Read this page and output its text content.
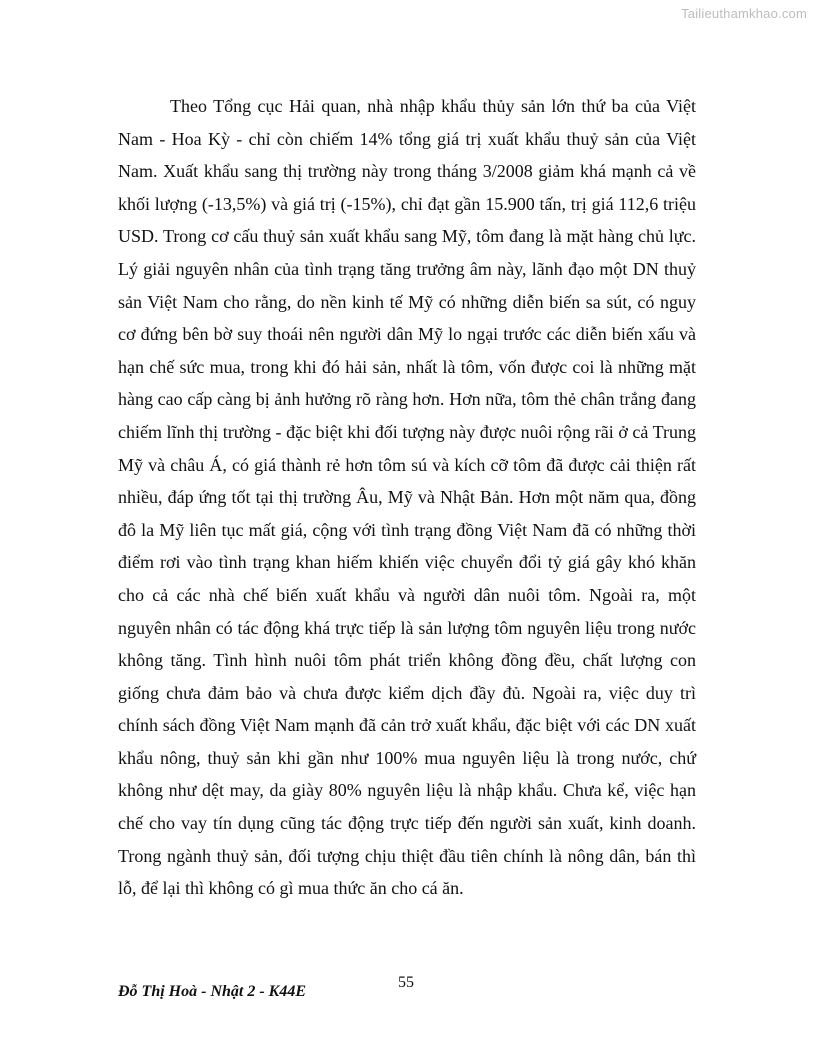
Tailieuthamkhao.com

Theo Tổng cục Hải quan, nhà nhập khẩu thủy sản lớn thứ ba của Việt Nam - Hoa Kỳ - chỉ còn chiếm 14% tổng giá trị xuất khẩu thuỷ sản của Việt Nam. Xuất khẩu sang thị trường này trong tháng 3/2008 giảm khá mạnh cả về khối lượng (-13,5%) và giá trị (-15%), chỉ đạt gần 15.900 tấn, trị giá 112,6 triệu USD. Trong cơ cấu thuỷ sản xuất khẩu sang Mỹ, tôm đang là mặt hàng chủ lực. Lý giải nguyên nhân của tình trạng tăng trưởng âm này, lãnh đạo một DN thuỷ sản Việt Nam cho rằng, do nền kinh tế Mỹ có những diễn biến sa sút, có nguy cơ đứng bên bờ suy thoái nên người dân Mỹ lo ngại trước các diễn biến xấu và hạn chế sức mua, trong khi đó hải sản, nhất là tôm, vốn được coi là những mặt hàng cao cấp càng bị ảnh hưởng rõ ràng hơn. Hơn nữa, tôm thẻ chân trắng đang chiếm lĩnh thị trường - đặc biệt khi đối tượng này được nuôi rộng rãi ở cả Trung Mỹ và châu Á, có giá thành rẻ hơn tôm sú và kích cỡ tôm đã được cải thiện rất nhiều, đáp ứng tốt tại thị trường Âu, Mỹ và Nhật Bản. Hơn một năm qua, đồng đô la Mỹ liên tục mất giá, cộng với tình trạng đồng Việt Nam đã có những thời điểm rơi vào tình trạng khan hiếm khiến việc chuyển đổi tỷ giá gây khó khăn cho cả các nhà chế biến xuất khẩu và người dân nuôi tôm. Ngoài ra, một nguyên nhân có tác động khá trực tiếp là sản lượng tôm nguyên liệu trong nước không tăng. Tình hình nuôi tôm phát triển không đồng đều, chất lượng con giống chưa đảm bảo và chưa được kiểm dịch đầy đủ. Ngoài ra, việc duy trì chính sách đồng Việt Nam mạnh đã cản trở xuất khẩu, đặc biệt với các DN xuất khẩu nông, thuỷ sản khi gần như 100% mua nguyên liệu là trong nước, chứ không như dệt may, da giày 80% nguyên liệu là nhập khẩu. Chưa kể, việc hạn chế cho vay tín dụng cũng tác động trực tiếp đến người sản xuất, kinh doanh. Trong ngành thuỷ sản, đối tượng chịu thiệt đầu tiên chính là nông dân, bán thì lỗ, để lại thì không có gì mua thức ăn cho cá ăn.

55
Đỗ Thị Hoà - Nhật 2 - K44E
